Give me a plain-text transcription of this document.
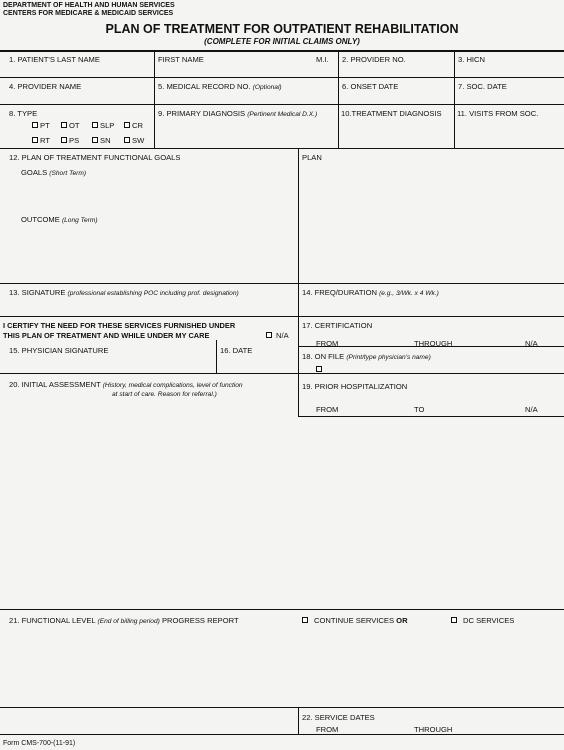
DEPARTMENT OF HEALTH AND HUMAN SERVICES
CENTERS FOR MEDICARE & MEDICAID SERVICES
PLAN OF TREATMENT FOR OUTPATIENT REHABILITATION
(COMPLETE FOR INITIAL CLAIMS ONLY)
1. PATIENT'S LAST NAME	FIRST NAME	M.I. 2. PROVIDER NO.	3. HICN
4. PROVIDER NAME	5. MEDICAL RECORD NO. (Optional)	6. ONSET DATE	7. SOC. DATE
8. TYPE
PT	OT	SLP CR
RT	PS	SN	SW
9. PRIMARY DIAGNOSIS (Pertinent Medical D.X.)	10.TREATMENT DIAGNOSIS 11. VISITS FROM SOC.
12. PLAN OF TREATMENT FUNCTIONAL GOALS
GOALS (Short Term)
OUTCOME (Long Term)
PLAN
13. SIGNATURE (professional establishing POC including prof. designation)	14. FREQ/DURATION (e.g., 3/Wk. x 4 Wk.)
I CERTIFY THE NEED FOR THESE SERVICES FURNISHED UNDER
THIS PLAN OF TREATMENT AND WHILE UNDER MY CARE	N/A
15. PHYSICIAN SIGNATURE	16. DATE
17. CERTIFICATION
FROM	THROUGH	N/A
18. ON FILE (Print/type physician's name)
20. INITIAL ASSESSMENT (History, medical complications, level of function
at start of care. Reason for referral.)
19. PRIOR HOSPITALIZATION
FROM	TO	N/A
21. FUNCTIONAL LEVEL (End of billing period) PROGRESS REPORT	CONTINUE SERVICES OR	DC SERVICES
22. SERVICE DATES
FROM	THROUGH
Form CMS-700-(11-91)
